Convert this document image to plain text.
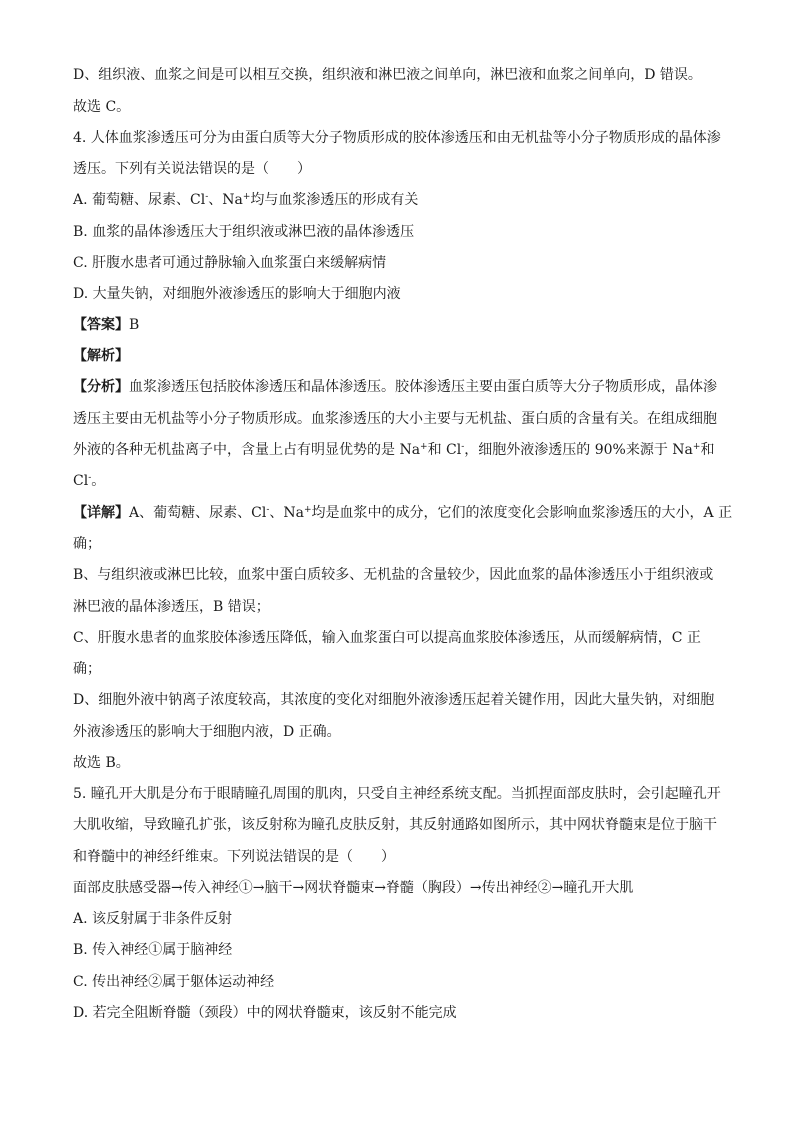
D、组织液、血浆之间是可以相互交换，组织液和淋巴液之间单向，淋巴液和血浆之间单向，D 错误。
故选 C。
4. 人体血浆渗透压可分为由蛋白质等大分子物质形成的胶体渗透压和由无机盐等小分子物质形成的晶体渗
透压。下列有关说法错误的是（　　）
A. 葡萄糖、尿素、Cl-、Na+均与血浆渗透压的形成有关
B. 血浆的晶体渗透压大于组织液或淋巴液的晶体渗透压
C. 肝腹水患者可通过静脉输入血浆蛋白来缓解病情
D. 大量失钠，对细胞外液渗透压的影响大于细胞内液
【答案】B
【解析】
【分析】血浆渗透压包括胶体渗透压和晶体渗透压。胶体渗透压主要由蛋白质等大分子物质形成，晶体渗
透压主要由无机盐等小分子物质形成。血浆渗透压的大小主要与无机盐、蛋白质的含量有关。在组成细胞
外液的各种无机盐离子中，含量上占有明显优势的是 Na+和 Cl-，细胞外液渗透压的 90%来源于 Na+和
Cl-。
【详解】A、葡萄糖、尿素、Cl-、Na+均是血浆中的成分，它们的浓度变化会影响血浆渗透压的大小，A 正
确；
B、与组织液或淋巴比较，血浆中蛋白质较多、无机盐的含量较少，因此血浆的晶体渗透压小于组织液或
淋巴液的晶体渗透压，B 错误；
C、肝腹水患者的血浆胶体渗透压降低，输入血浆蛋白可以提高血浆胶体渗透压，从而缓解病情，C 正
确；
D、细胞外液中钠离子浓度较高，其浓度的变化对细胞外液渗透压起着关键作用，因此大量失钠，对细胞
外液渗透压的影响大于细胞内液，D 正确。
故选 B。
5. 瞳孔开大肌是分布于眼睛瞳孔周围的肌肉，只受自主神经系统支配。当抓捏面部皮肤时，会引起瞳孔开
大肌收缩，导致瞳孔扩张，该反射称为瞳孔皮肤反射，其反射通路如图所示，其中网状脊髓束是位于脑干
和脊髓中的神经纤维束。下列说法错误的是（　　）
面部皮肤感受器→传入神经①→脑干→网状脊髓束→脊髓（胸段）→传出神经②→瞳孔开大肌
A. 该反射属于非条件反射
B. 传入神经①属于脑神经
C. 传出神经②属于躯体运动神经
D. 若完全阻断脊髓（颈段）中的网状脊髓束，该反射不能完成
